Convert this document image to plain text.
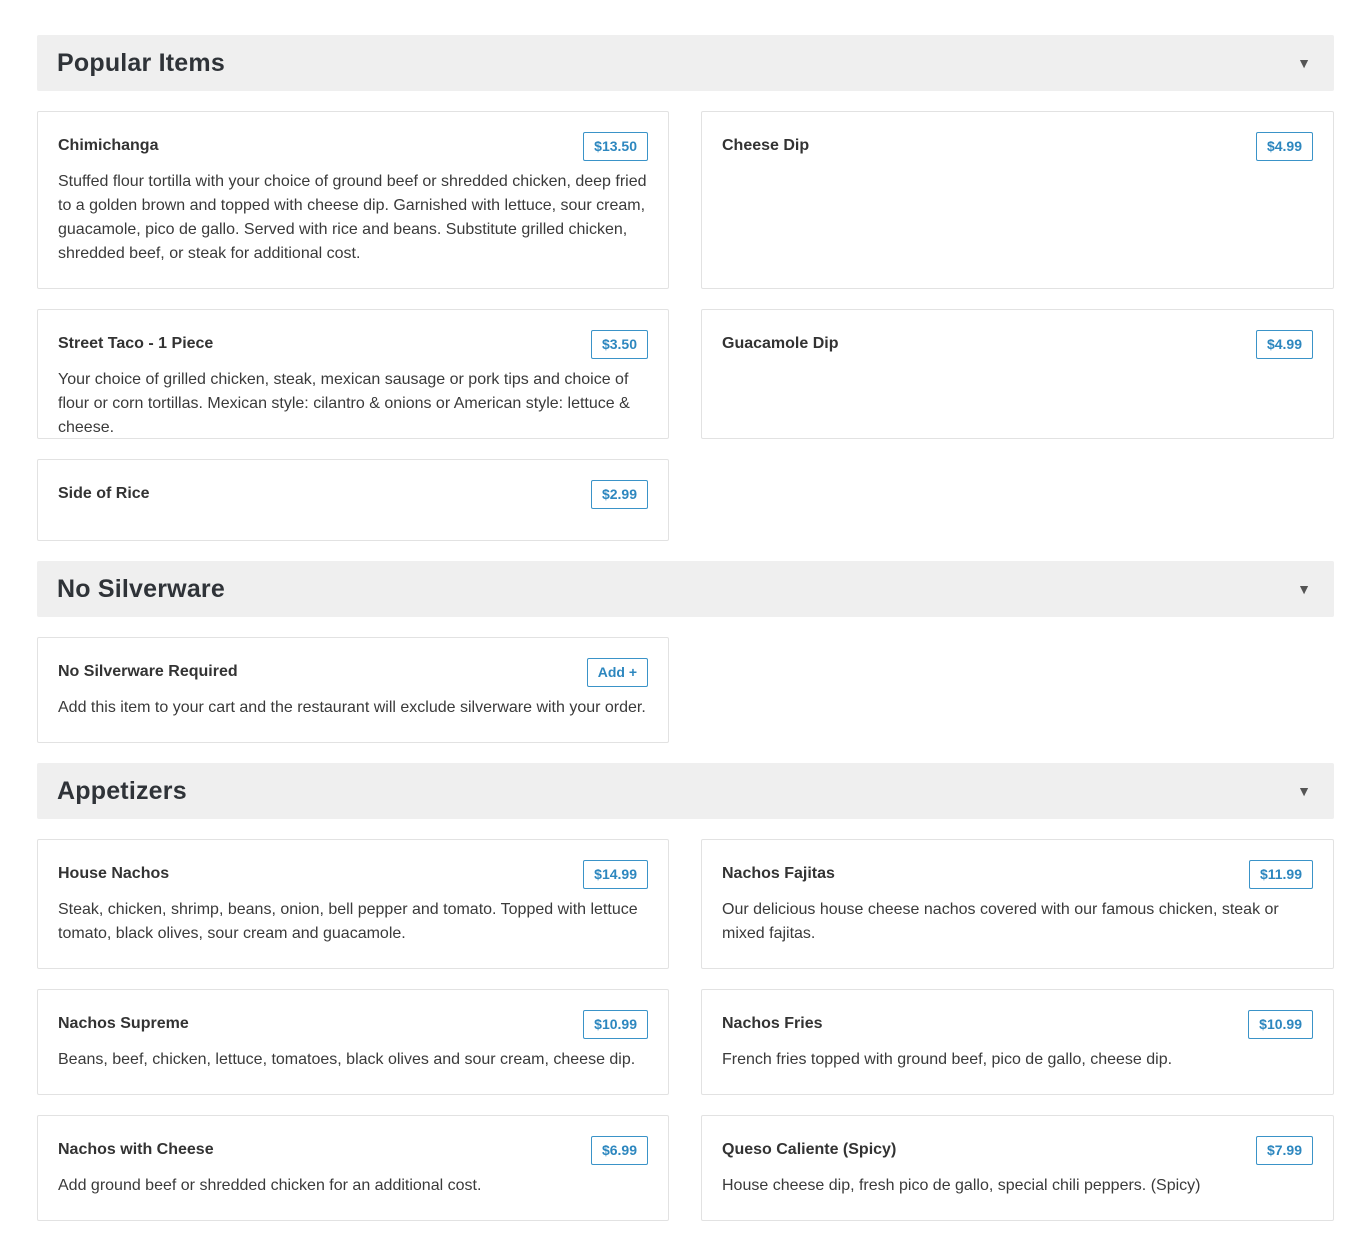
Popular Items	▼
Chimichanga	$13.50
Stuffed flour tortilla with your choice of ground beef or shredded chicken, deep fried to a golden brown and topped with cheese dip. Garnished with lettuce, sour cream, guacamole, pico de gallo. Served with rice and beans. Substitute grilled chicken, shredded beef, or steak for additional cost.
Cheese Dip	$4.99
Street Taco - 1 Piece	$3.50
Your choice of grilled chicken, steak, mexican sausage or pork tips and choice of flour or corn tortillas. Mexican style: cilantro & onions or American style: lettuce & cheese.
Guacamole Dip	$4.99
Side of Rice	$2.99
No Silverware	▼
No Silverware Required	Add +
Add this item to your cart and the restaurant will exclude silverware with your order.
Appetizers	▼
House Nachos	$14.99
Steak, chicken, shrimp, beans, onion, bell pepper and tomato. Topped with lettuce tomato, black olives, sour cream and guacamole.
Nachos Fajitas	$11.99
Our delicious house cheese nachos covered with our famous chicken, steak or mixed fajitas.
Nachos Supreme	$10.99
Beans, beef, chicken, lettuce, tomatoes, black olives and sour cream, cheese dip.
Nachos Fries	$10.99
French fries topped with ground beef, pico de gallo, cheese dip.
Nachos with Cheese	$6.99
Add ground beef or shredded chicken for an additional cost.
Queso Caliente (Spicy)	$7.99
House cheese dip, fresh pico de gallo, special chili peppers. (Spicy)
